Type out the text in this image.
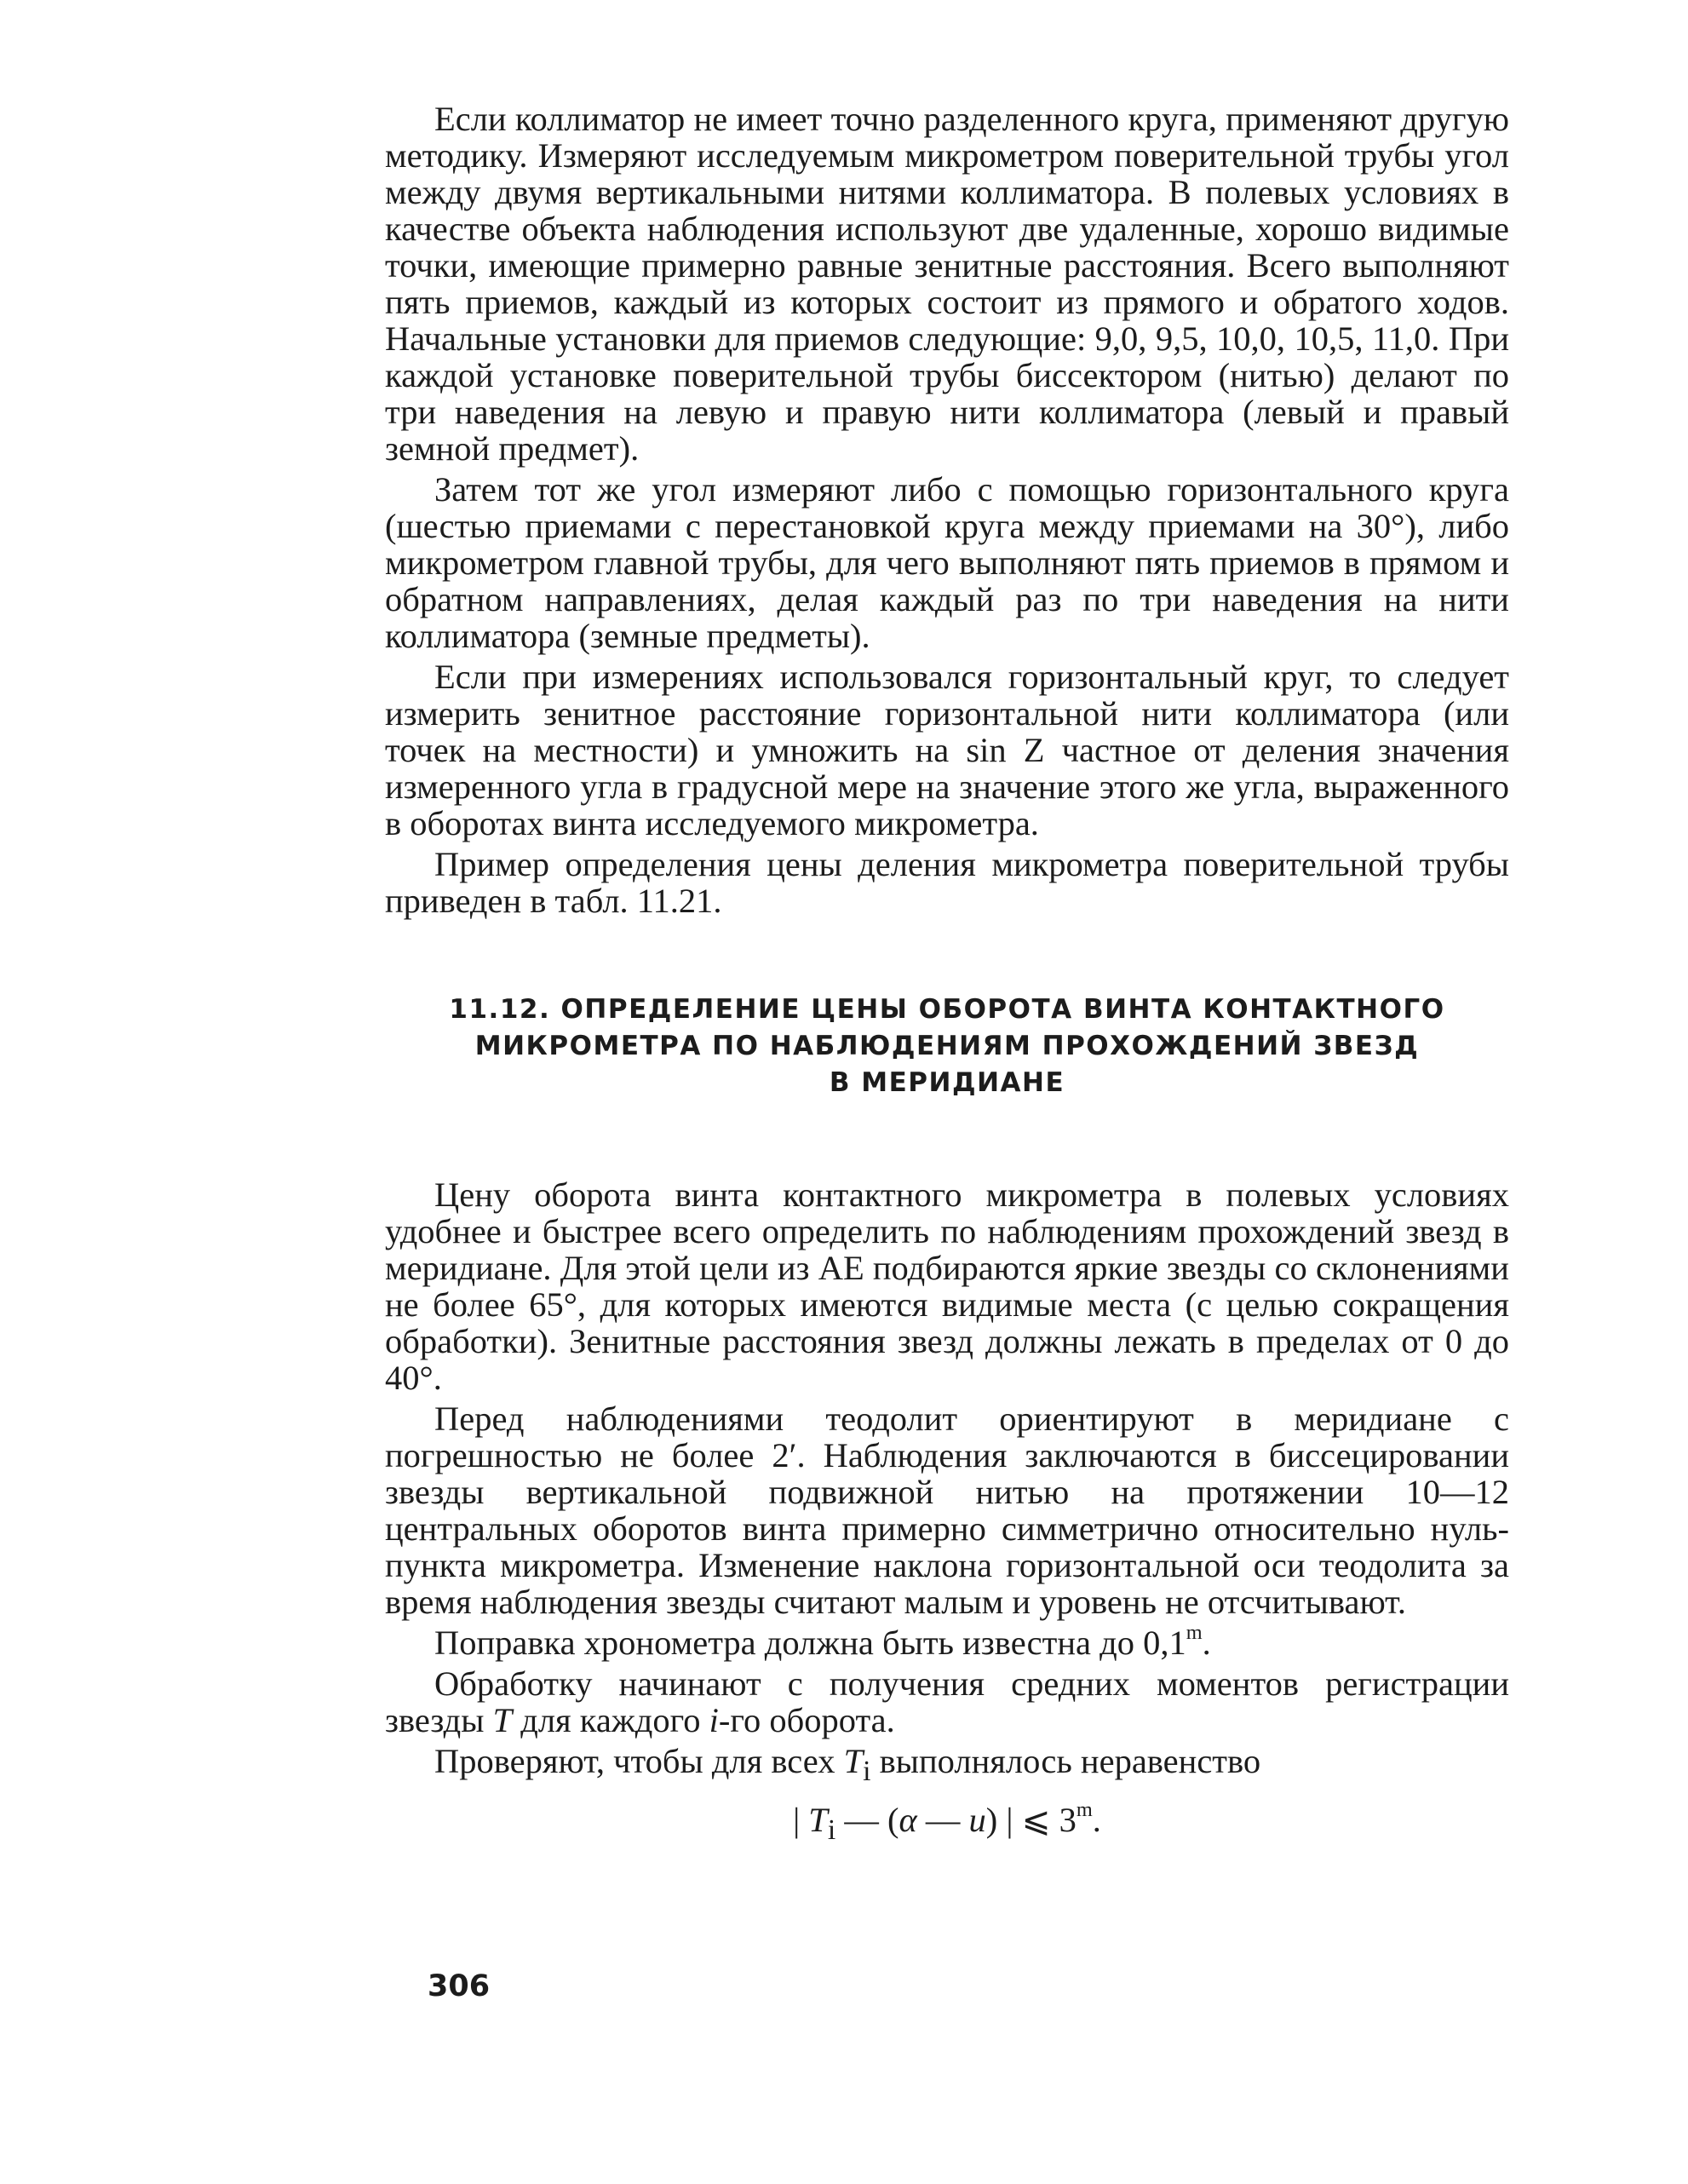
Если коллиматор не имеет точно разделенного круга, применяют другую методику. Измеряют исследуемым микрометром поверительной трубы угол между двумя вертикальными нитями коллиматора. В полевых условиях в качестве объекта наблюдения используют две удаленные, хорошо видимые точки, имеющие примерно равные зенитные расстояния. Всего выполняют пять приемов, каждый из которых состоит из прямого и обратого ходов. Начальные установки для приемов следующие: 9,0, 9,5, 10,0, 10,5, 11,0. При каждой установке поверительной трубы биссектором (нитью) делают по три наведения на левую и правую нити коллиматора (левый и правый земной предмет).

Затем тот же угол измеряют либо с помощью горизонтального круга (шестью приемами с перестановкой круга между приемами на 30°), либо микрометром главной трубы, для чего выполняют пять приемов в прямом и обратном направлениях, делая каждый раз по три наведения на нити коллиматора (земные предметы).

Если при измерениях использовался горизонтальный круг, то следует измерить зенитное расстояние горизонтальной нити коллиматора (или точек на местности) и умножить на sin Z частное от деления значения измеренного угла в градусной мере на значение этого же угла, выраженного в оборотах винта исследуемого микрометра.

Пример определения цены деления микрометра поверительной трубы приведен в табл. 11.21.

11.12. ОПРЕДЕЛЕНИЕ ЦЕНЫ ОБОРОТА ВИНТА КОНТАКТНОГО
МИКРОМЕТРА ПО НАБЛЮДЕНИЯМ ПРОХОЖДЕНИЙ ЗВЕЗД
В МЕРИДИАНЕ

Цену оборота винта контактного микрометра в полевых условиях удобнее и быстрее всего определить по наблюдениям прохождений звезд в меридиане. Для этой цели из АЕ подбираются яркие звезды со склонениями не более 65°, для которых имеются видимые места (с целью сокращения обработки). Зенитные расстояния звезд должны лежать в пределах от 0 до 40°.

Перед наблюдениями теодолит ориентируют в меридиане с погрешностью не более 2′. Наблюдения заключаются в биссецировании звезды вертикальной подвижной нитью на протяжении 10—12 центральных оборотов винта примерно симметрично относительно нуль-пункта микрометра. Изменение наклона горизонтальной оси теодолита за время наблюдения звезды считают малым и уровень не отсчитывают.

Поправка хронометра должна быть известна до 0,1$^m$.

Обработку начинают с получения средних моментов регистрации звезды T для каждого i-го оборота.

Проверяют, чтобы для всех $T_i$ выполнялось неравенство

| $T_i$ — (α — u) | ⩽ 3$^m$.

306
